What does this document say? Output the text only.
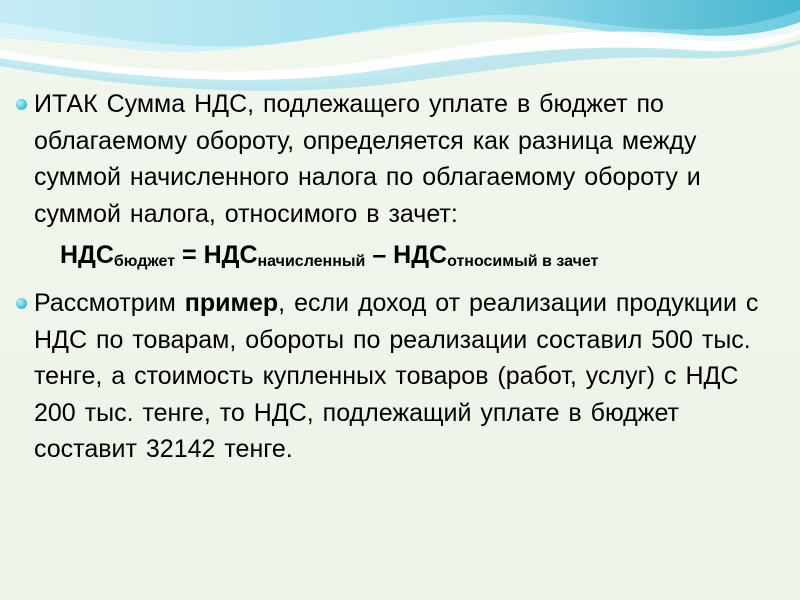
ИТАК Сумма НДС, подлежащего уплате в бюджет по облагаемому обороту, определяется как разница между суммой начисленного налога по облагаемому обороту и суммой налога, относимого в зачет:
НДСбюджет = НДСначисленный – НДСотносимый в зачет
Рассмотрим пример, если доход от реализации продукции с НДС по товарам, обороты по реализации составил 500 тыс. тенге, а стоимость купленных товаров (работ, услуг) с НДС 200 тыс. тенге, то НДС, подлежащий уплате в бюджет составит 32142 тенге.
